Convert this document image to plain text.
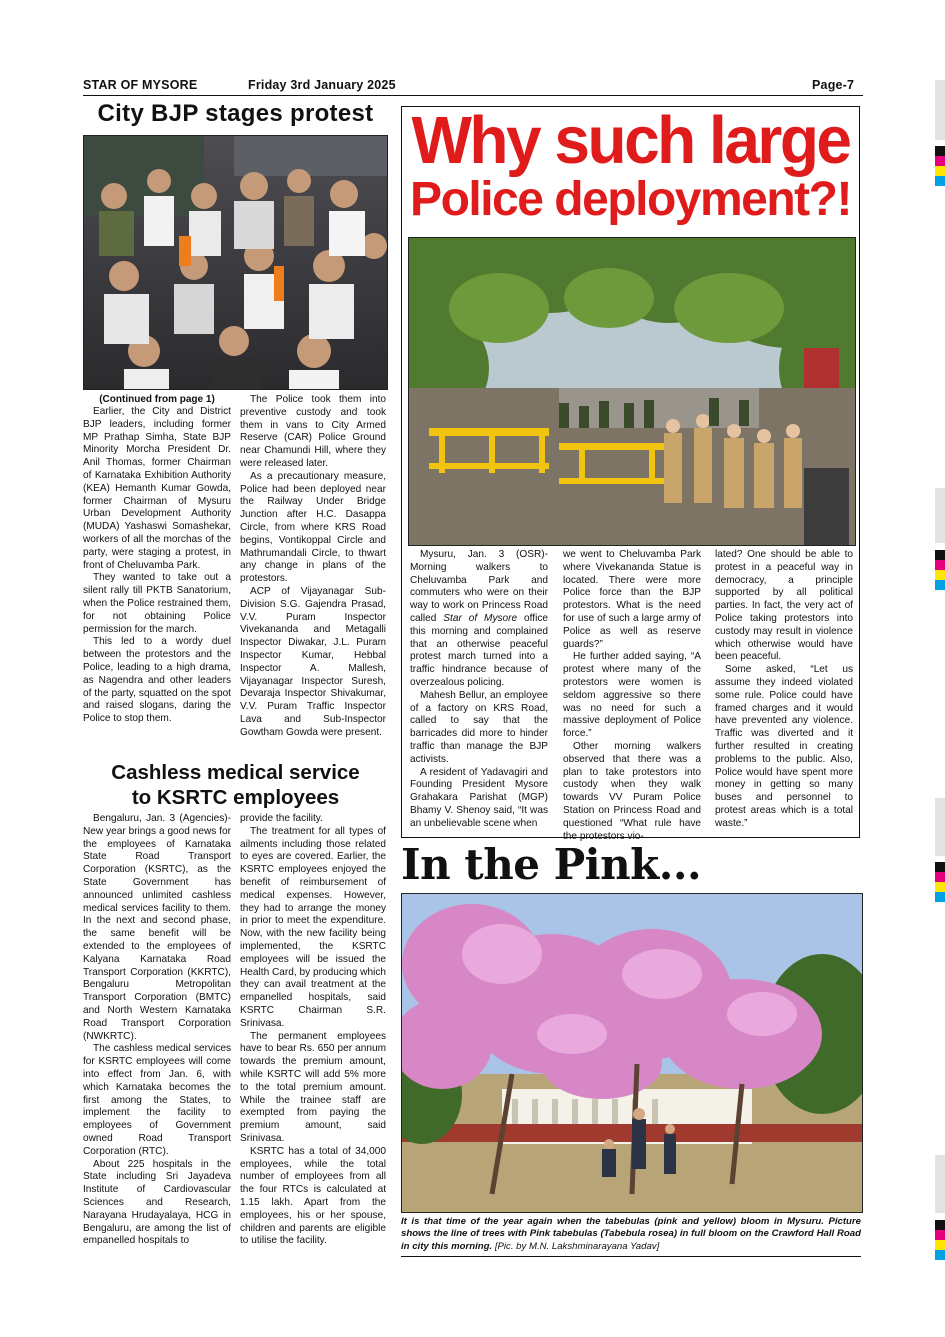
STAR OF MYSORE	Friday 3rd January 2025	Page-7
City BJP stages protest
(Continued from page 1)

Earlier, the City and District BJP leaders, including former MP Prathap Simha, State BJP Minority Morcha President Dr. Anil Thomas, former Chairman of Karnataka Exhibition Authority (KEA) Hemanth Kumar Gowda, former Chairman of Mysuru Urban Development Authority (MUDA) Yashaswi Somashekar, workers of all the morchas of the party, were staging a protest, in front of Cheluvamba Park.

They wanted to take out a silent rally till PKTB Sanatorium, when the Police restrained them, for not obtaining Police permission for the march.

This led to a wordy duel between the protestors and the Police, leading to a high drama, as Nagendra and other leaders of the party, squatted on the spot and raised slogans, daring the Police to stop them.

The Police took them into preventive custody and took them in vans to City Armed Reserve (CAR) Police Ground near Chamundi Hill, where they were released later.

As a precautionary measure, Police had been deployed near the Railway Under Bridge Junction after H.C. Dasappa Circle, from where KRS Road begins, Vontikoppal Circle and Mathrumandali Circle, to thwart any change in plans of the protestors.

ACP of Vijayanagar Sub-Division S.G. Gajendra Prasad, V.V. Puram Inspector Vivekananda and Metagalli Inspector Diwakar, J.L. Puram Inspector Kumar, Hebbal Inspector A. Mallesh, Vijayanagar Inspector Suresh, Devaraja Inspector Shivakumar, V.V. Puram Traffic Inspector Lava and Sub-Inspector Gowtham Gowda were present.

Cashless medical service
to KSRTC employees

Bengaluru, Jan. 3 (Agencies)- New year brings a good news for the employees of Karnataka State Road Transport Corporation (KSRTC), as the State Government has announced unlimited cashless medical services facility to them. In the next and second phase, the same benefit will be extended to the employees of Kalyana Karnataka Road Transport Corporation (KKRTC), Bengaluru Metropolitan Transport Corporation (BMTC) and North Western Karnataka Road Transport Corporation (NWKRTC).

The cashless medical services for KSRTC employees will come into effect from Jan. 6, with which Karnataka becomes the first among the States, to implement the facility to employees of Government owned Road Transport Corporation (RTC).

About 225 hospitals in the State including Sri Jayadeva Institute of Cardiovascular Sciences and Research, Narayana Hrudayalaya, HCG in Bengaluru, are among the list of empanelled hospitals to

provide the facility.

The treatment for all types of ailments including those related to eyes are covered. Earlier, the KSRTC employees enjoyed the benefit of reimbursement of medical expenses. However, they had to arrange the money in prior to meet the expenditure. Now, with the new facility being implemented, the KSRTC employees will be issued the Health Card, by producing which they can avail treatment at the empanelled hospitals, said KSRTC Chairman S.R. Srinivasa.

The permanent employees have to bear Rs. 650 per annum towards the premium amount, while KSRTC will add 5% more to the total premium amount. While the trainee staff are exempted from paying the premium amount, said Srinivasa.

KSRTC has a total of 34,000 employees, while the total number of employees from all the four RTCs is calculated at 1.15 lakh. Apart from the employees, his or her spouse, children and parents are eligible to utilise the facility.

Why such large
Police deployment?!

Mysuru, Jan. 3 (OSR)- Morning walkers to Cheluvamba Park and commuters who were on their way to work on Princess Road called Star of Mysore office this morning and complained that an otherwise peaceful protest march turned into a traffic hindrance because of overzealous policing.

Mahesh Bellur, an employee of a factory on KRS Road, called to say that the barricades did more to hinder traffic than manage the BJP activists.

A resident of Yadavagiri and Founding President Mysore Grahakara Parishat (MGP) Bhamy V. Shenoy said, “It was an unbelievable scene when

we went to Cheluvamba Park where Vivekananda Statue is located. There were more Police force than the BJP protestors. What is the need for use of such a large army of Police as well as reserve guards?”

He further added saying, “A protest where many of the protestors were women is seldom aggressive so there was no need for such a massive deployment of Police force.”

Other morning walkers observed that there was a plan to take protestors into custody when they walk towards VV Puram Police Station on Princess Road and questioned “What rule have the protestors vio-

lated? One should be able to protest in a peaceful way in democracy, a principle supported by all political parties. In fact, the very act of Police taking protestors into custody may result in violence which otherwise would have been peaceful.

Some asked, “Let us assume they indeed violated some rule. Police could have framed charges and it would have prevented any violence. Traffic was diverted and it further resulted in creating problems to the public. Also, Police would have spent more money in getting so many buses and personnel to protest areas which is a total waste.”

In the Pink...
It is that time of the year again when the tabebulas (pink and yellow) bloom in Mysuru. Picture shows the line of trees with Pink tabebulas (Tabebula rosea) in full bloom on the Crawford Hall Road in city this morning. [Pic. by M.N. Lakshminarayana Yadav]
